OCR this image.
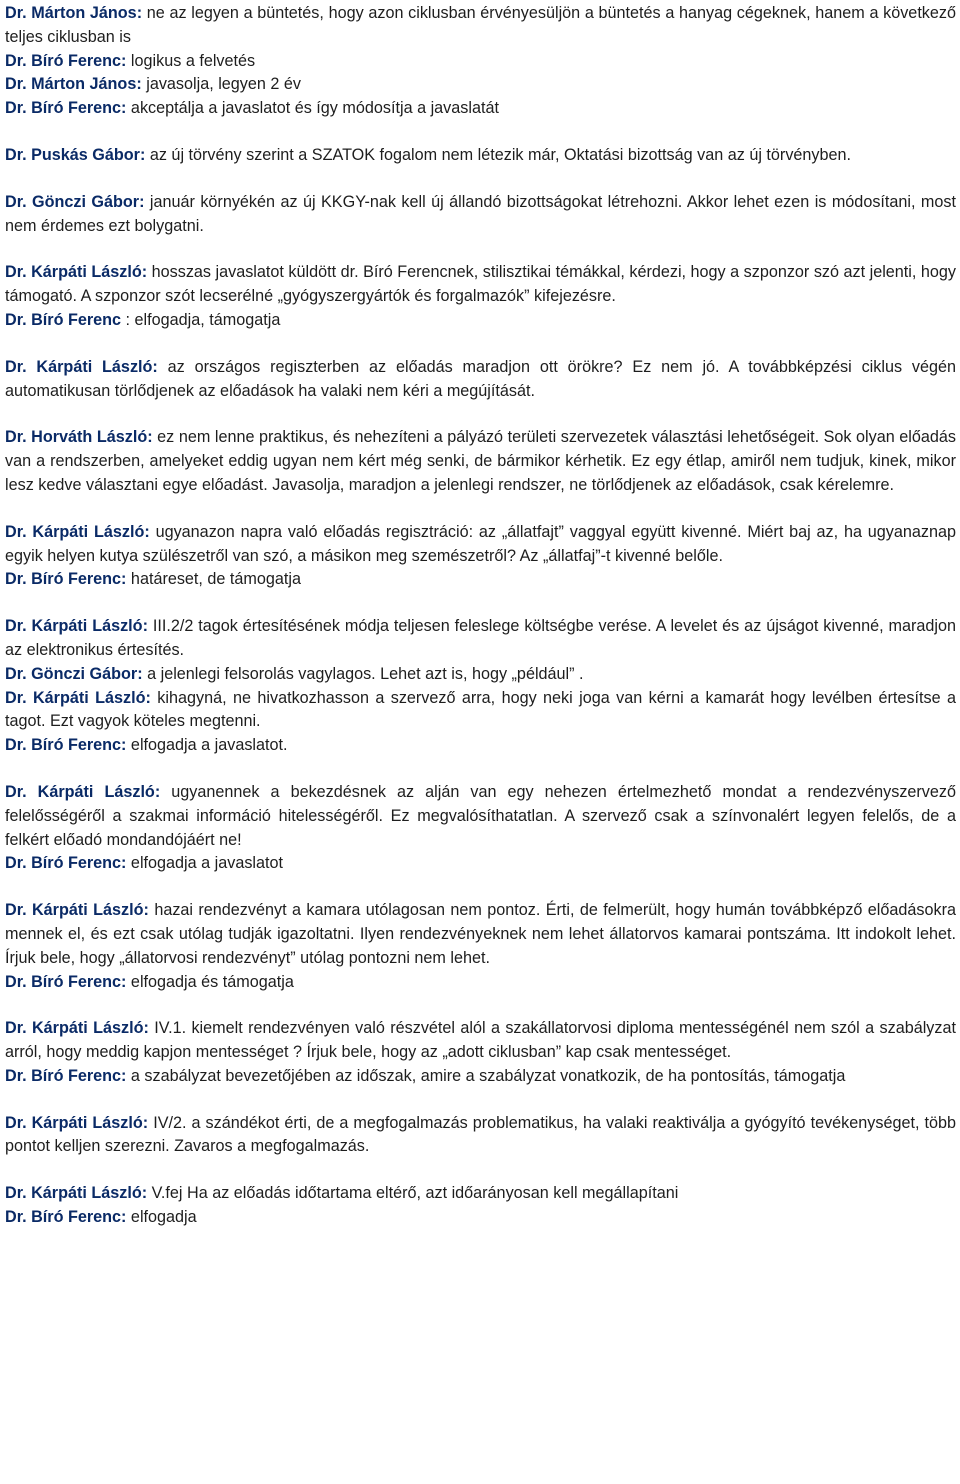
Dr. Márton János: ne az legyen a büntetés, hogy azon ciklusban érvényesüljön a büntetés a hanyag cégeknek, hanem a következő teljes ciklusban is

Dr. Bíró Ferenc: logikus a felvetés

Dr. Márton János: javasolja, legyen 2 év

Dr. Bíró Ferenc: akceptálja a javaslatot és így módosítja a javaslatát

Dr. Puskás Gábor: az új törvény szerint a SZATOK fogalom nem létezik már, Oktatási bizottság van az új törvényben.

Dr. Gönczi Gábor: január környékén az új KKGY-nak kell új állandó bizottságokat létrehozni. Akkor lehet ezen is módosítani, most nem érdemes ezt bolygatni.

Dr. Kárpáti László: hosszas javaslatot küldött dr. Bíró Ferencnek, stilisztikai témákkal, kérdezi, hogy a szponzor szó azt jelenti, hogy támogató. A szponzor szót lecserélné „gyógyszergyártók és forgalmazók” kifejezésre.

Dr. Bíró Ferenc : elfogadja, támogatja

Dr. Kárpáti László: az országos regiszterben az előadás maradjon ott örökre? Ez nem jó. A továbbképzési ciklus végén automatikusan törlődjenek az előadások ha valaki nem kéri a megújítását.

Dr. Horváth László: ez nem lenne praktikus, és nehezíteni a pályázó területi szervezetek választási lehetőségeit. Sok olyan előadás van a rendszerben, amelyeket eddig ugyan nem kért még senki, de bármikor kérhetik. Ez egy étlap, amiről nem tudjuk, kinek, mikor lesz kedve választani egye előadást. Javasolja, maradjon a jelenlegi rendszer, ne törlődjenek az előadások, csak kérelemre.

Dr. Kárpáti László: ugyanazon napra való előadás regisztráció: az „állatfajt” vaggyal együtt kivenné. Miért baj az, ha ugyanaznap egyik helyen kutya szülészetről van szó, a másikon meg szemészetről? Az „állatfaj”-t kivenné belőle.

Dr. Bíró Ferenc: határeset, de támogatja

Dr. Kárpáti László: III.2/2 tagok értesítésének módja teljesen feleslege költségbe verése. A levelet és az újságot kivenné, maradjon az elektronikus értesítés.

Dr. Gönczi Gábor: a jelenlegi felsorolás vagylagos. Lehet azt is, hogy „például” .

Dr. Kárpáti László: kihagyná, ne hivatkozhasson a szervező arra, hogy neki joga van kérni a kamarát hogy levélben értesítse a tagot. Ezt vagyok köteles megtenni.

Dr. Bíró Ferenc: elfogadja a javaslatot.

Dr. Kárpáti László: ugyanennek a bekezdésnek az alján van egy nehezen értelmezhető mondat a rendezvényszervező felelősségéről a szakmai információ hitelességéről. Ez megvalósíthatatlan. A szervező csak a színvonalért legyen felelős, de a felkért előadó mondandójáért ne!

Dr. Bíró Ferenc: elfogadja a javaslatot

Dr. Kárpáti László: hazai rendezvényt a kamara utólagosan nem pontoz. Érti, de felmerült, hogy humán továbbképző előadásokra mennek el, és ezt csak utólag tudják igazoltatni. Ilyen rendezvényeknek nem lehet állatorvos kamarai pontszáma. Itt indokolt lehet. Írjuk bele, hogy „állatorvosi rendezvényt” utólag pontozni nem lehet.

Dr. Bíró Ferenc: elfogadja és támogatja

Dr. Kárpáti László: IV.1. kiemelt rendezvényen való részvétel alól a szakállatorvosi diploma mentességénél nem szól a szabályzat arról, hogy meddig kapjon mentességet ? Írjuk bele, hogy az „adott ciklusban” kap csak mentességet.

Dr. Bíró Ferenc: a szabályzat bevezetőjében az időszak, amire a szabályzat vonatkozik, de ha pontosítás, támogatja

Dr. Kárpáti László: IV/2. a szándékot érti, de a megfogalmazás problematikus, ha valaki reaktiválja a gyógyító tevékenységet, több pontot kelljen szerezni. Zavaros a megfogalmazás.

Dr. Kárpáti László: V.fej Ha az előadás időtartama eltérő, azt időarányosan kell megállapítani

Dr. Bíró Ferenc: elfogadja
